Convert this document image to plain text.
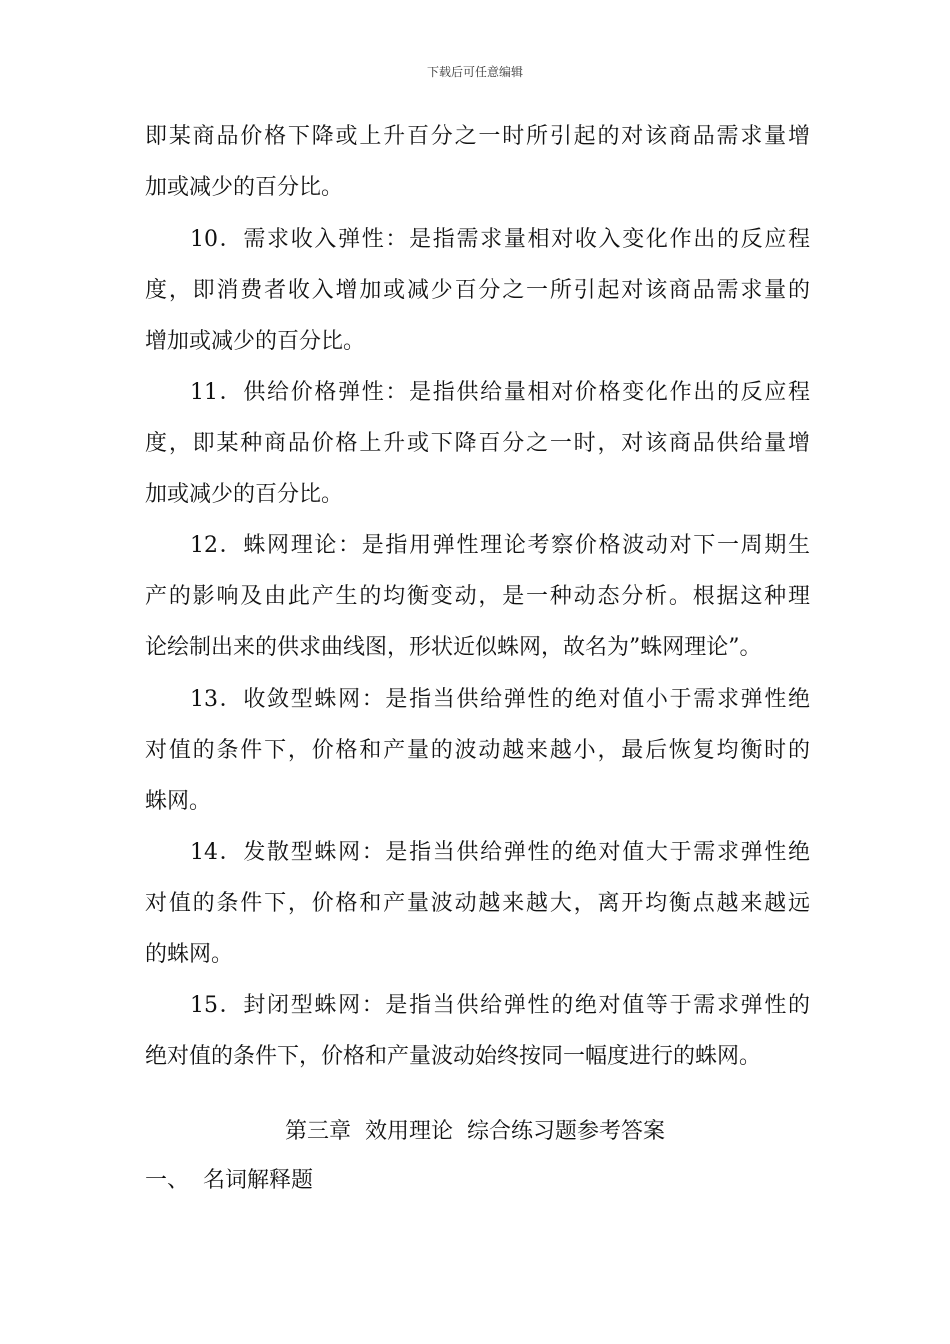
下载后可任意编辑
即某商品价格下降或上升百分之一时所引起的对该商品需求量增
加或减少的百分比。
10．需求收入弹性：是指需求量相对收入变化作出的反应程
度，即消费者收入增加或减少百分之一所引起对该商品需求量的
增加或减少的百分比。
11．供给价格弹性：是指供给量相对价格变化作出的反应程
度，即某种商品价格上升或下降百分之一时，对该商品供给量增
加或减少的百分比。
12．蛛网理论：是指用弹性理论考察价格波动对下一周期生
产的影响及由此产生的均衡变动，是一种动态分析。根据这种理
论绘制出来的供求曲线图，形状近似蛛网，故名为”蛛网理论”。
13．收敛型蛛网：是指当供给弹性的绝对值小于需求弹性绝
对值的条件下，价格和产量的波动越来越小，最后恢复均衡时的
蛛网。
14．发散型蛛网：是指当供给弹性的绝对值大于需求弹性绝
对值的条件下，价格和产量波动越来越大，离开均衡点越来越远
的蛛网。
15．封闭型蛛网：是指当供给弹性的绝对值等于需求弹性的
绝对值的条件下，价格和产量波动始终按同一幅度进行的蛛网。
第三章  效用理论  综合练习题参考答案
一、 名词解释题
